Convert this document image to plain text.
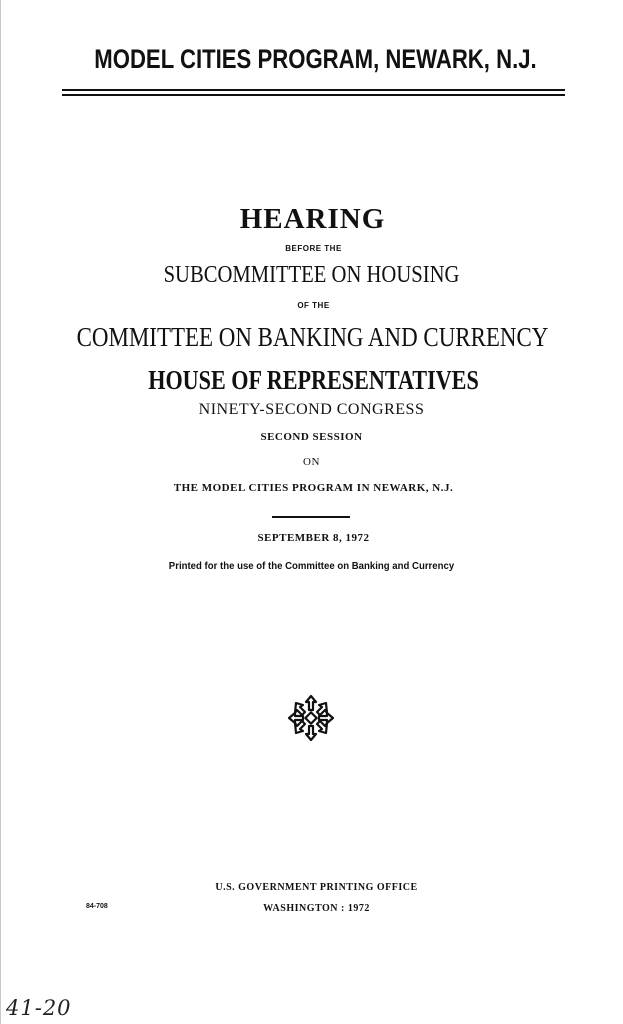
MODEL CITIES PROGRAM, NEWARK, N.J.
HEARING
BEFORE THE
SUBCOMMITTEE ON HOUSING
OF THE
COMMITTEE ON BANKING AND CURRENCY
HOUSE OF REPRESENTATIVES
NINETY-SECOND CONGRESS
SECOND SESSION
ON
THE MODEL CITIES PROGRAM IN NEWARK, N.J.
SEPTEMBER 8, 1972
Printed for the use of the Committee on Banking and Currency
U.S. GOVERNMENT PRINTING OFFICE
WASHINGTON : 1972
84-708
41-20
